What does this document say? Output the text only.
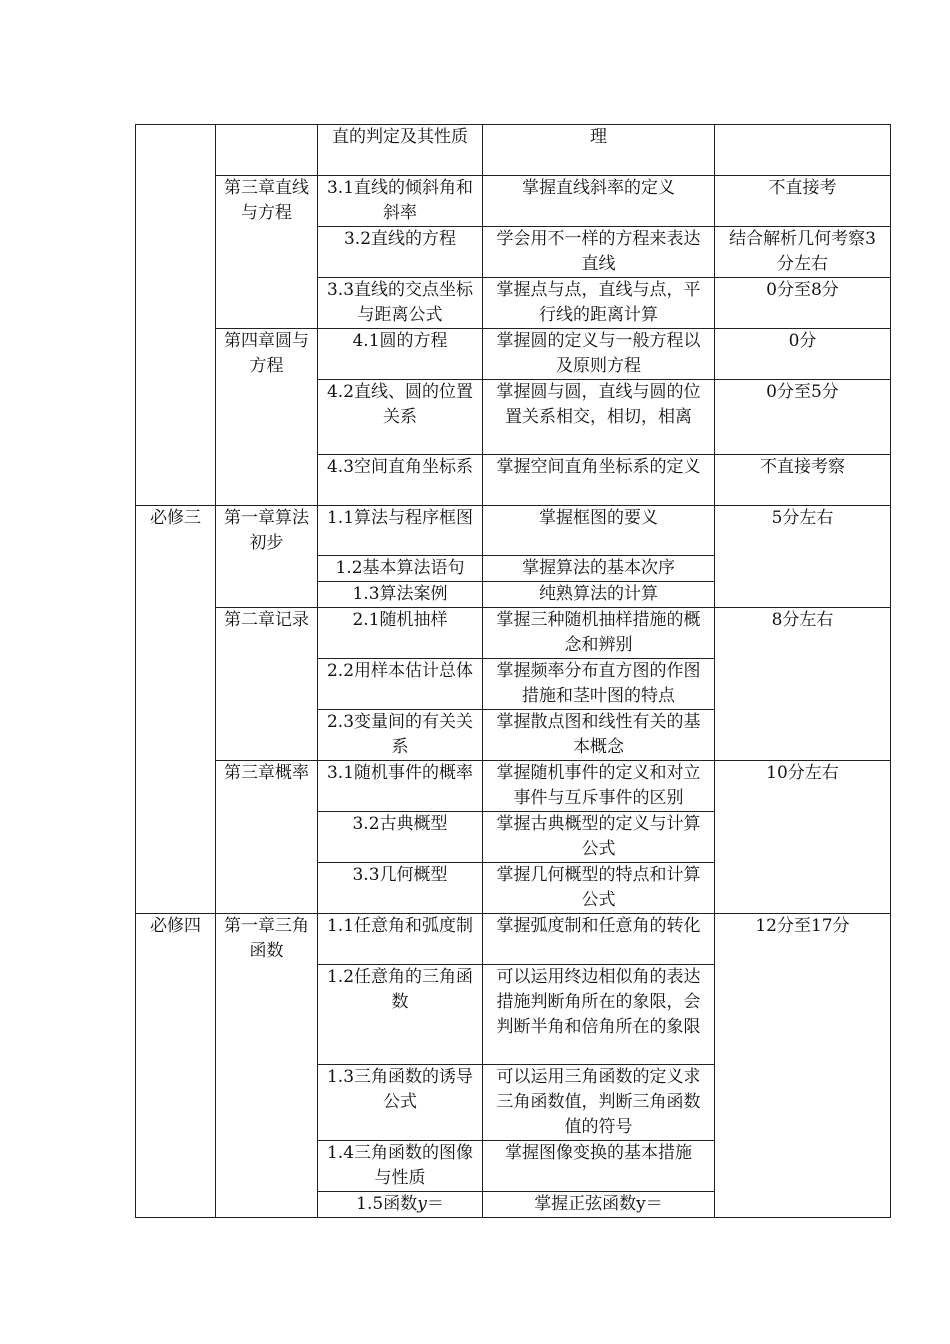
		直的判定及其性质	理	
	第三章直线与方程	3.1直线的倾斜角和斜率	掌握直线斜率的定义	不直接考
		3.2直线的方程	学会用不一样的方程来表达直线	结合解析几何考察3分左右
		3.3直线的交点坐标与距离公式	掌握点与点，直线与点，平行线的距离计算	0分至8分
	第四章圆与方程	4.1圆的方程	掌握圆的定义与一般方程以及原则方程	0分
		4.2直线、圆的位置关系	掌握圆与圆，直线与圆的位置关系相交，相切，相离	0分至5分
		4.3空间直角坐标系	掌握空间直角坐标系的定义	不直接考察
必修三	第一章算法初步	1.1算法与程序框图	掌握框图的要义	5分左右
		1.2基本算法语句	掌握算法的基本次序	
		1.3算法案例	纯熟算法的计算	
	第二章记录	2.1随机抽样	掌握三种随机抽样措施的概念和辨别	8分左右
		2.2用样本估计总体	掌握频率分布直方图的作图措施和茎叶图的特点	
		2.3变量间的有关关系	掌握散点图和线性有关的基本概念	
	第三章概率	3.1随机事件的概率	掌握随机事件的定义和对立事件与互斥事件的区别	10分左右
		3.2古典概型	掌握古典概型的定义与计算公式	
		3.3几何概型	掌握几何概型的特点和计算公式	
必修四	第一章三角函数	1.1任意角和弧度制	掌握弧度制和任意角的转化	12分至17分
		1.2任意角的三角函数	可以运用终边相似角的表达措施判断角所在的象限，会判断半角和倍角所在的象限	
		1.3三角函数的诱导公式	可以运用三角函数的定义求三角函数值，判断三角函数值的符号	
		1.4三角函数的图像与性质	掌握图像变换的基本措施	
		1.5函数y＝	掌握正弦函数y＝	
